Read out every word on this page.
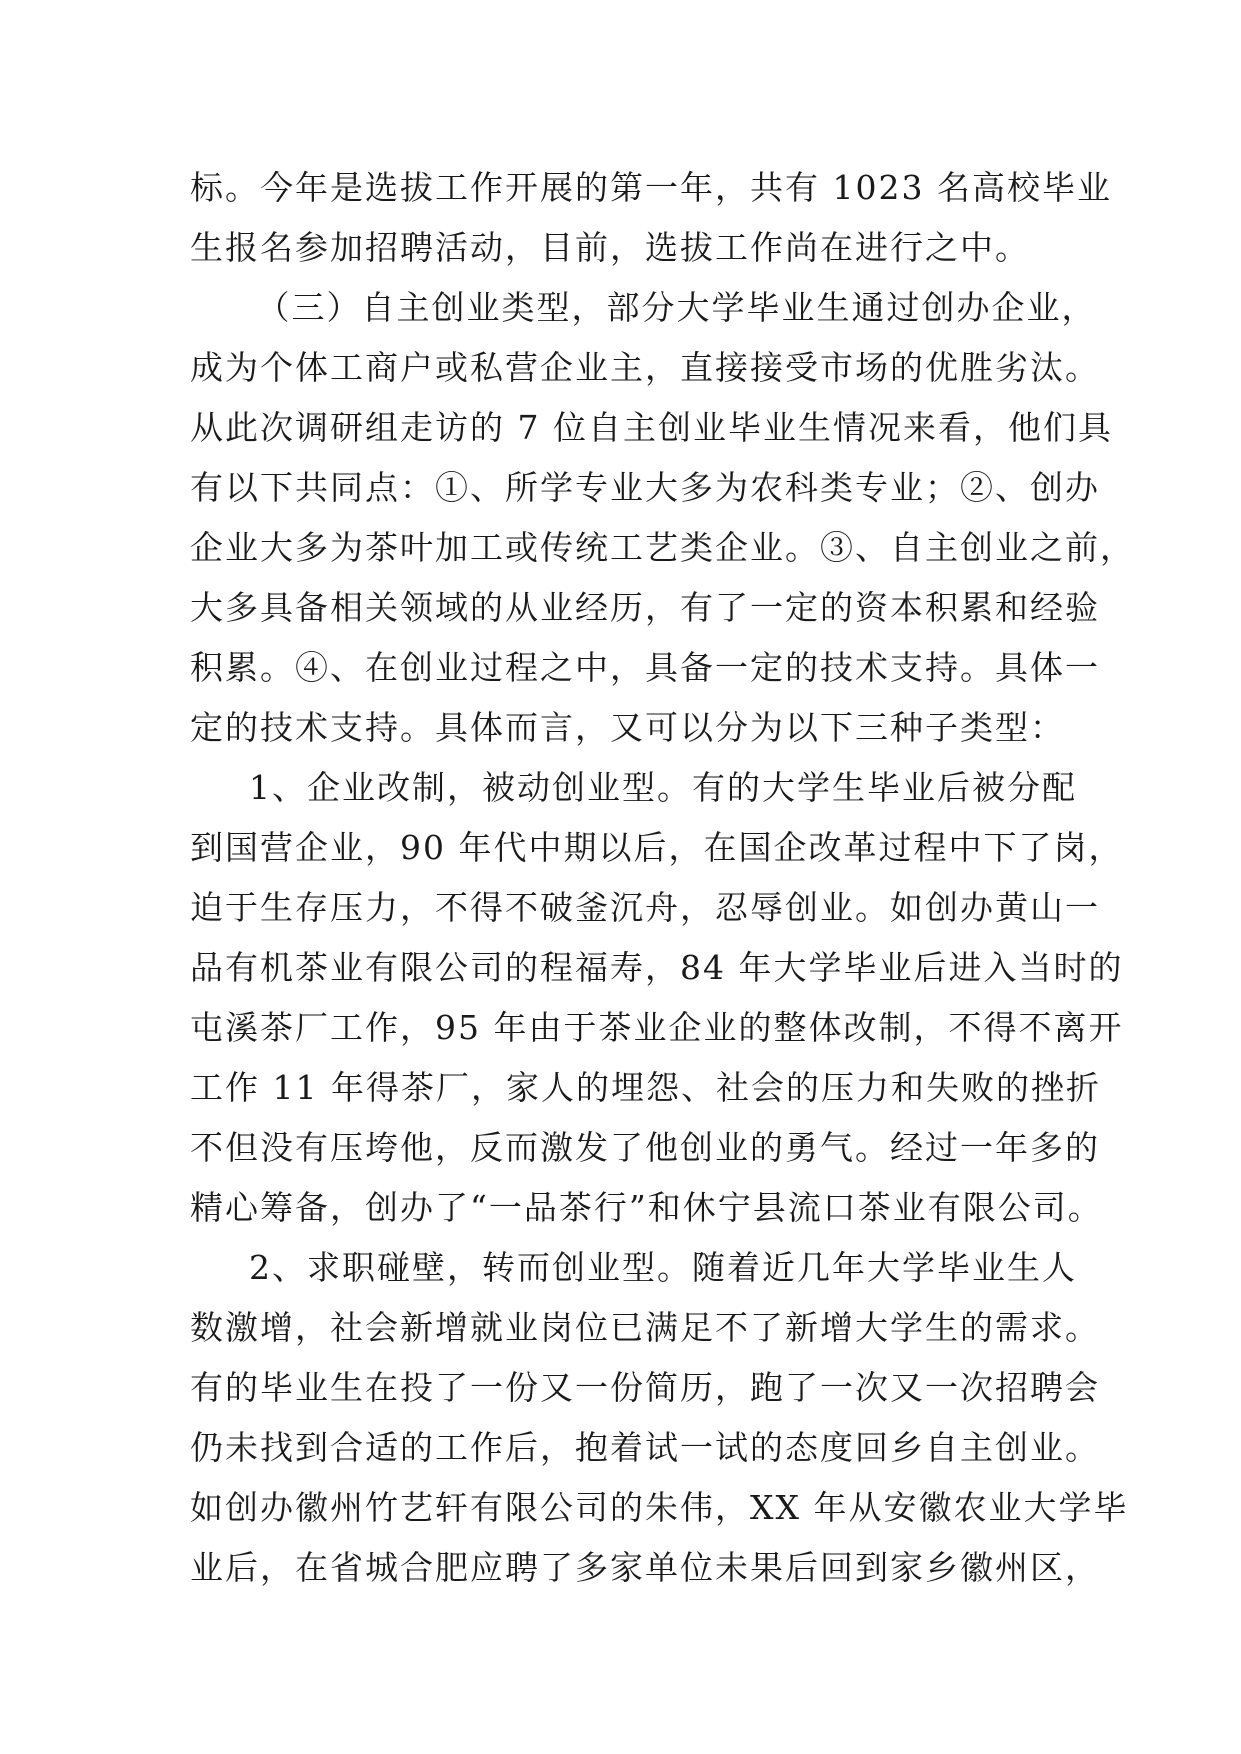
标。今年是选拔工作开展的第一年，共有 1023 名高校毕业
生报名参加招聘活动，目前，选拔工作尚在进行之中。
　（三）自主创业类型，部分大学毕业生通过创办企业，
成为个体工商户或私营企业主，直接接受市场的优胜劣汰。
从此次调研组走访的 7 位自主创业毕业生情况来看，他们具
有以下共同点：①、所学专业大多为农科类专业；②、创办
企业大多为茶叶加工或传统工艺类企业。③、自主创业之前，
大多具备相关领域的从业经历，有了一定的资本积累和经验
积累。④、在创业过程之中，具备一定的技术支持。具体一
定的技术支持。具体而言，又可以分为以下三种子类型：
　1、企业改制，被动创业型。有的大学生毕业后被分配
到国营企业，90 年代中期以后，在国企改革过程中下了岗，
迫于生存压力，不得不破釜沉舟，忍辱创业。如创办黄山一
品有机茶业有限公司的程福寿，84 年大学毕业后进入当时的
屯溪茶厂工作，95 年由于茶业企业的整体改制，不得不离开
工作 11 年得茶厂，家人的埋怨、社会的压力和失败的挫折
不但没有压垮他，反而激发了他创业的勇气。经过一年多的
精心筹备，创办了“一品茶行”和休宁县流口茶业有限公司。
　2、求职碰壁，转而创业型。随着近几年大学毕业生人
数激增，社会新增就业岗位已满足不了新增大学生的需求。
有的毕业生在投了一份又一份简历，跑了一次又一次招聘会
仍未找到合适的工作后，抱着试一试的态度回乡自主创业。
如创办徽州竹艺轩有限公司的朱伟，XX 年从安徽农业大学毕
业后，在省城合肥应聘了多家单位未果后回到家乡徽州区，
